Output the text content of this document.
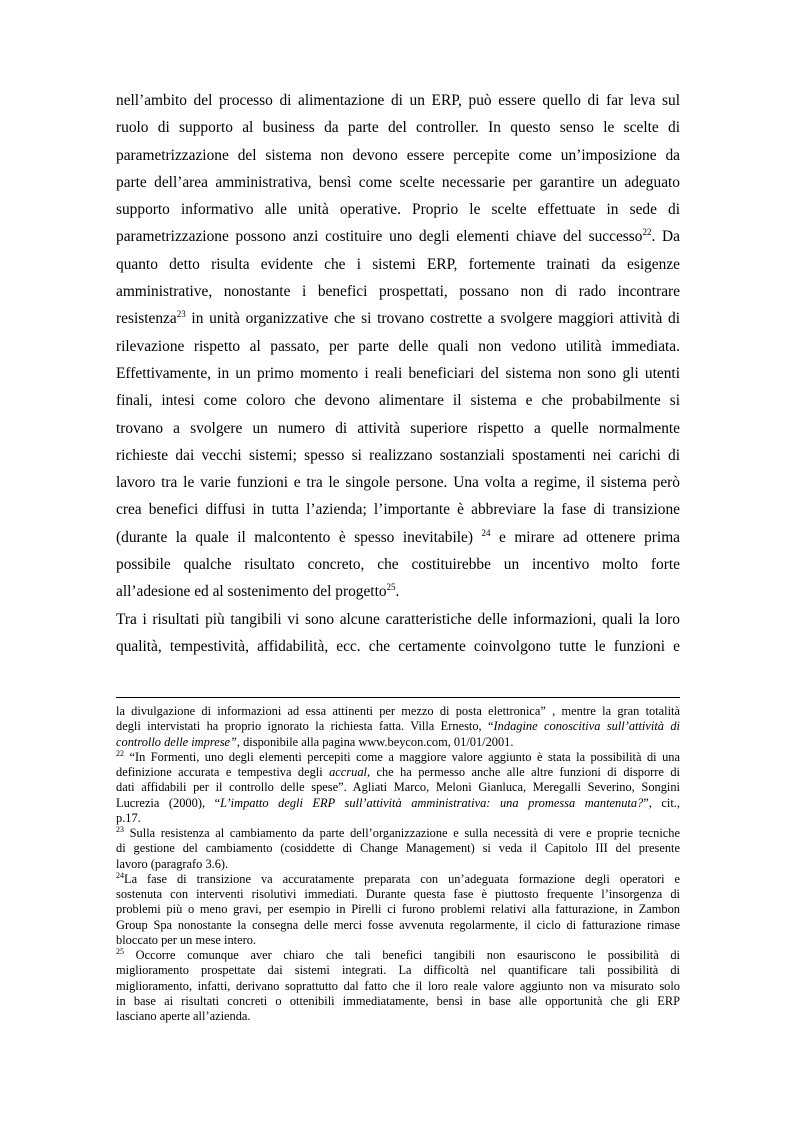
nell’ambito del processo di alimentazione di un ERP, può essere quello di far leva sul
ruolo di supporto al business da parte del controller. In questo senso le scelte di
parametrizzazione del sistema non devono essere percepite come un’imposizione da
parte dell’area amministrativa, bensì come scelte necessarie per garantire un adeguato
supporto informativo alle unità operative. Proprio le scelte effettuate in sede di
parametrizzazione possono anzi costituire uno degli elementi chiave del successo$^{22}$. Da
quanto detto risulta evidente che i sistemi ERP, fortemente trainati da esigenze
amministrative, nonostante i benefici prospettati, possano non di rado incontrare
resistenza$^{23}$ in unità organizzative che si trovano costrette a svolgere maggiori attività di
rilevazione rispetto al passato, per parte delle quali non vedono utilità immediata.
Effettivamente, in un primo momento i reali beneficiari del sistema non sono gli utenti
finali, intesi come coloro che devono alimentare il sistema e che probabilmente si
trovano a svolgere un numero di attività superiore rispetto a quelle normalmente
richieste dai vecchi sistemi; spesso si realizzano sostanziali spostamenti nei carichi di
lavoro tra le varie funzioni e tra le singole persone. Una volta a regime, il sistema però
crea benefici diffusi in tutta l’azienda; l’importante è abbreviare la fase di transizione
(durante la quale il malcontento è spesso inevitabile) $^{24}$ e mirare ad ottenere prima
possibile qualche risultato concreto, che costituirebbe un incentivo molto forte
all’adesione ed al sostenimento del progetto$^{25}$.
Tra i risultati più tangibili vi sono alcune caratteristiche delle informazioni, quali la loro
qualità, tempestività, affidabilità, ecc. che certamente coinvolgono tutte le funzioni e
la divulgazione di informazioni ad essa attinenti per mezzo di posta elettronica” , mentre la gran totalità
degli intervistati ha proprio ignorato la richiesta fatta. Villa Ernesto, “Indagine conoscitiva sull’attività di
controllo delle imprese”, disponibile alla pagina www.beycon.com, 01/01/2001.
$^{22}$ “In Formenti, uno degli elementi percepiti come a maggiore valore aggiunto è stata la possibilità di una
definizione accurata e tempestiva degli accrual, che ha permesso anche alle altre funzioni di disporre di
dati affidabili per il controllo delle spese”. Agliati Marco, Meloni Gianluca, Meregalli Severino, Songini
Lucrezia (2000), “L’impatto degli ERP sull’attività amministrativa: una promessa mantenuta?”, cit.,
p.17.
$^{23}$ Sulla resistenza al cambiamento da parte dell’organizzazione e sulla necessità di vere e proprie tecniche
di gestione del cambiamento (cosiddette di Change Management) si veda il Capitolo III del presente
lavoro (paragrafo 3.6).
$^{24}$La fase di transizione va accuratamente preparata con un’adeguata formazione degli operatori e
sostenuta con interventi risolutivi immediati. Durante questa fase è piuttosto frequente l’insorgenza di
problemi più o meno gravi, per esempio in Pirelli ci furono problemi relativi alla fatturazione, in Zambon
Group Spa nonostante la consegna delle merci fosse avvenuta regolarmente, il ciclo di fatturazione rimase
bloccato per un mese intero.
$^{25}$ Occorre comunque aver chiaro che tali benefici tangibili non esauriscono le possibilità di
miglioramento prospettate dai sistemi integrati. La difficoltà nel quantificare tali possibilità di
miglioramento, infatti, derivano soprattutto dal fatto che il loro reale valore aggiunto non va misurato solo
in base ai risultati concreti o ottenibili immediatamente, bensì in base alle opportunità che gli ERP
lasciano aperte all’azienda.
